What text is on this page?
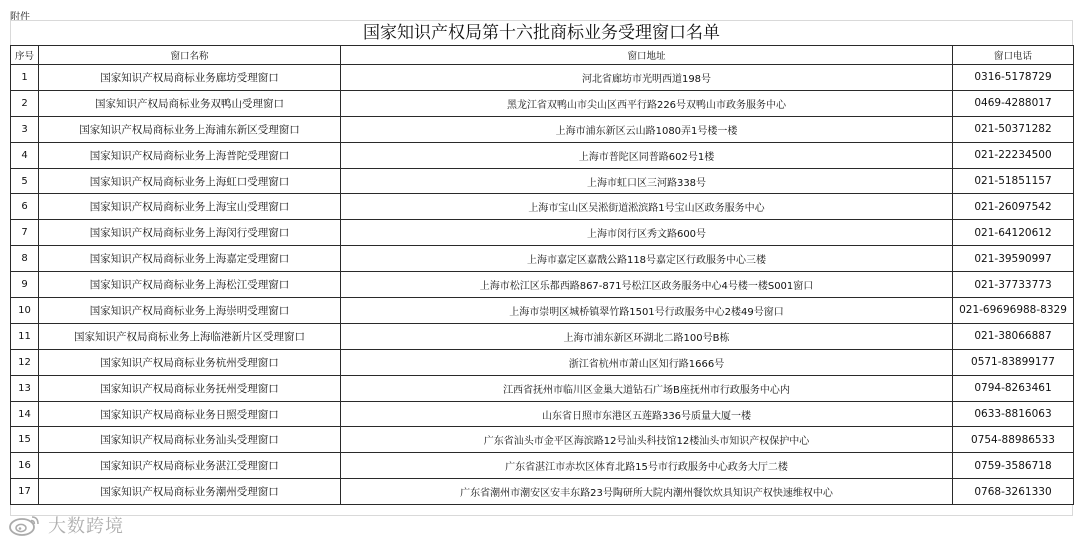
附件
国家知识产权局第十六批商标业务受理窗口名单
序号	窗口名称	窗口地址	窗口电话
1	国家知识产权局商标业务廊坊受理窗口	河北省廊坊市光明西道198号	0316-5178729
2	国家知识产权局商标业务双鸭山受理窗口	黑龙江省双鸭山市尖山区西平行路226号双鸭山市政务服务中心	0469-4288017
3	国家知识产权局商标业务上海浦东新区受理窗口	上海市浦东新区云山路1080弄1号楼一楼	021-50371282
4	国家知识产权局商标业务上海普陀受理窗口	上海市普陀区同普路602号1楼	021-22234500
5	国家知识产权局商标业务上海虹口受理窗口	上海市虹口区三河路338号	021-51851157
6	国家知识产权局商标业务上海宝山受理窗口	上海市宝山区吴淞街道淞滨路1号宝山区政务服务中心	021-26097542
7	国家知识产权局商标业务上海闵行受理窗口	上海市闵行区秀文路600号	021-64120612
8	国家知识产权局商标业务上海嘉定受理窗口	上海市嘉定区嘉戬公路118号嘉定区行政服务中心三楼	021-39590997
9	国家知识产权局商标业务上海松江受理窗口	上海市松江区乐都西路867-871号松江区政务服务中心4号楼一楼S001窗口	021-37733773
10	国家知识产权局商标业务上海崇明受理窗口	上海市崇明区城桥镇翠竹路1501号行政服务中心2楼49号窗口	021-69696988-8329
11	国家知识产权局商标业务上海临港新片区受理窗口	上海市浦东新区环湖北二路100号B栋	021-38066887
12	国家知识产权局商标业务杭州受理窗口	浙江省杭州市萧山区知行路1666号	0571-83899177
13	国家知识产权局商标业务抚州受理窗口	江西省抚州市临川区金巢大道钻石广场B座抚州市行政服务中心内	0794-8263461
14	国家知识产权局商标业务日照受理窗口	山东省日照市东港区五莲路336号质量大厦一楼	0633-8816063
15	国家知识产权局商标业务汕头受理窗口	广东省汕头市金平区海滨路12号汕头科技馆12楼汕头市知识产权保护中心	0754-88986533
16	国家知识产权局商标业务湛江受理窗口	广东省湛江市赤坎区体育北路15号市行政服务中心政务大厅二楼	0759-3586718
17	国家知识产权局商标业务潮州受理窗口	广东省潮州市潮安区安丰东路23号陶研所大院内潮州餐饮炊具知识产权快速维权中心	0768-3261330
大数跨境
